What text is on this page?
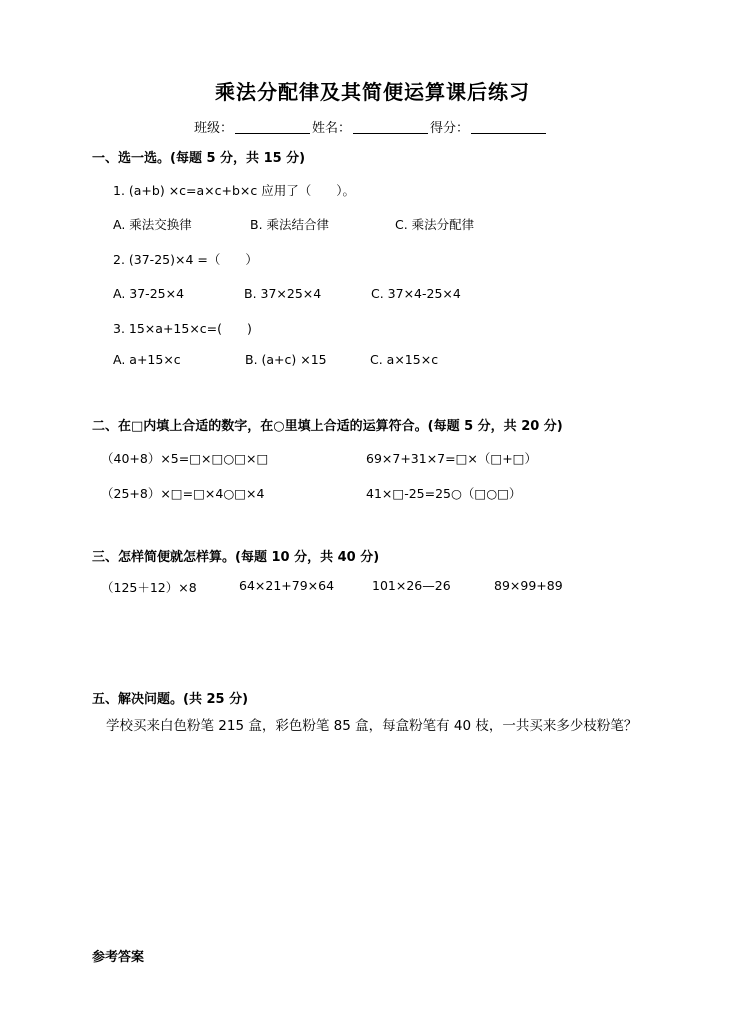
乘法分配律及其简便运算课后练习
班级：	姓名：	得分：
一、选一选。(每题 5 分，共 15 分)
1. (a+b) ×c=a×c+b×c 应用了（　　）。
A. 乘法交换律	B. 乘法结合律	C. 乘法分配律
2. (37-25)×4 =（　　）
A. 37-25×4	B. 37×25×4	C. 37×4-25×4
3. 15×a+15×c=(　　)
A. a+15×c	B. (a+c) ×15	C. a×15×c
二、在□内填上合适的数字，在○里填上合适的运算符合。(每题 5 分，共 20 分)
（40+8）×5=□×□○□×□	69×7+31×7=□×（□+□）
（25+8）×□=□×4○□×4	41×□-25=25○（□○□）
三、怎样简便就怎样算。(每题 10 分，共 40 分)
（125＋12）×8	64×21+79×64	101×26—26	89×99+89
五、解决问题。(共 25 分)
学校买来白色粉笔 215 盒，彩色粉笔 85 盒，每盒粉笔有 40 枝，一共买来多少枝粉笔？
参考答案
